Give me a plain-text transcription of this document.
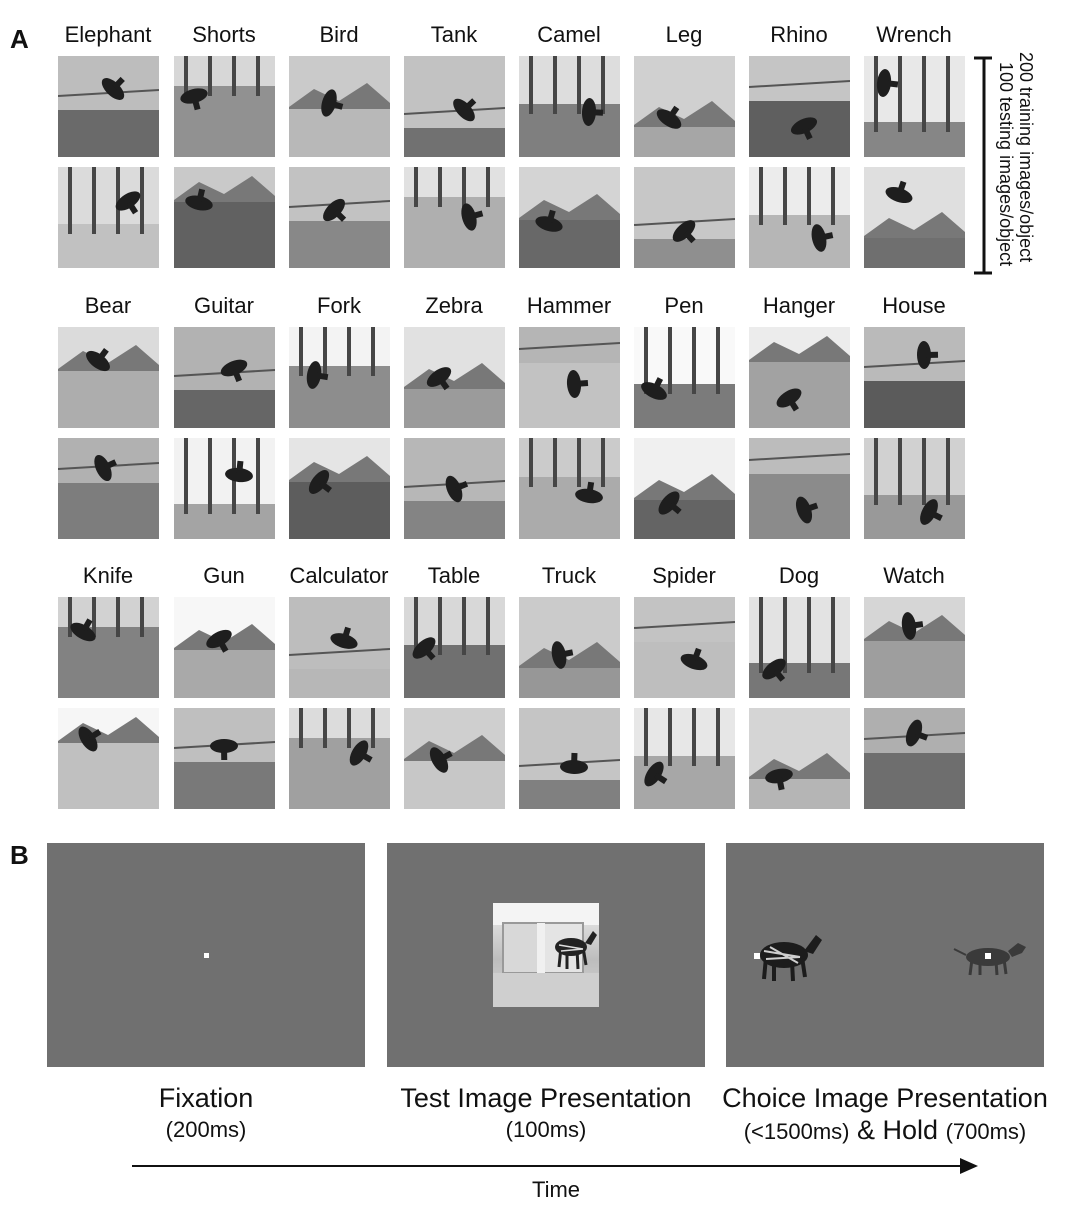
A
B
Elephant	Shorts	Bird	Tank	Camel	Leg	Rhino	Wrench
Bear	Guitar	Fork	Zebra	Hammer	Pen	Hanger	House
Knife	Gun	Calculator	Table	Truck	Spider	Dog	Watch
200 training images/object
100 testing images/object
Fixation
(200ms)
Test Image Presentation
(100ms)
Choice Image Presentation
(<1500ms) & Hold (700ms)
Time
